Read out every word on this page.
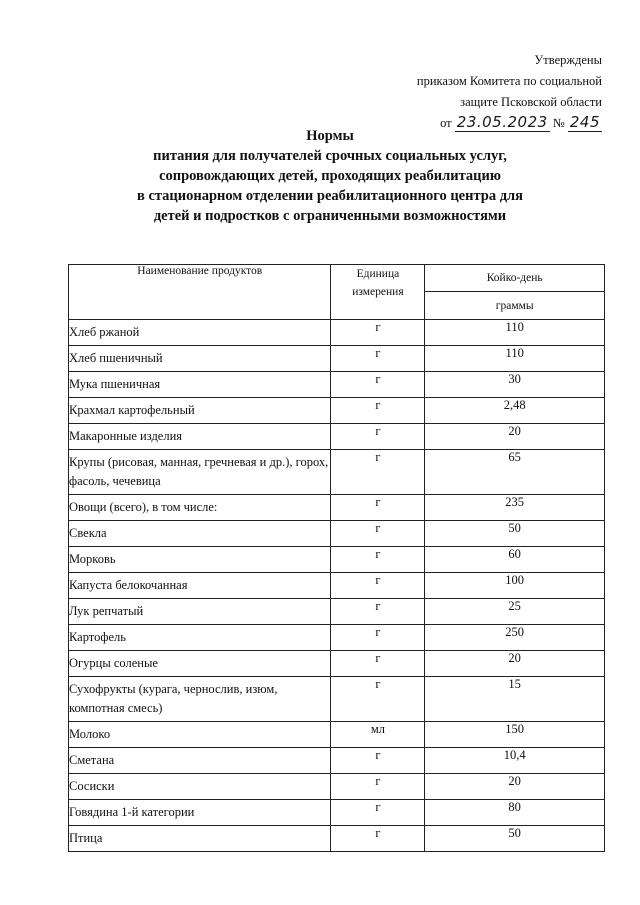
Утверждены
приказом Комитета по социальной
защите Псковской области
от 23.05.2023 № 245
Нормы
питания для получателей срочных социальных услуг,
сопровождающих детей, проходящих реабилитацию
в стационарном отделении реабилитационного центра для
детей и подростков с ограниченными возможностями
Наименование продуктов	Единица измерения	Койко-день
		граммы
Хлеб ржаной	г	110
Хлеб пшеничный	г	110
Мука пшеничная	г	30
Крахмал картофельный	г	2,48
Макаронные изделия	г	20
Крупы (рисовая, манная, гречневая и др.), горох, фасоль, чечевица	г	65
Овощи (всего), в том числе:	г	235
Свекла	г	50
Морковь	г	60
Капуста белокочанная	г	100
Лук репчатый	г	25
Картофель	г	250
Огурцы соленые	г	20
Сухофрукты (курага, чернослив, изюм, компотная смесь)	г	15
Молоко	мл	150
Сметана	г	10,4
Сосиски	г	20
Говядина 1-й категории	г	80
Птица	г	50
